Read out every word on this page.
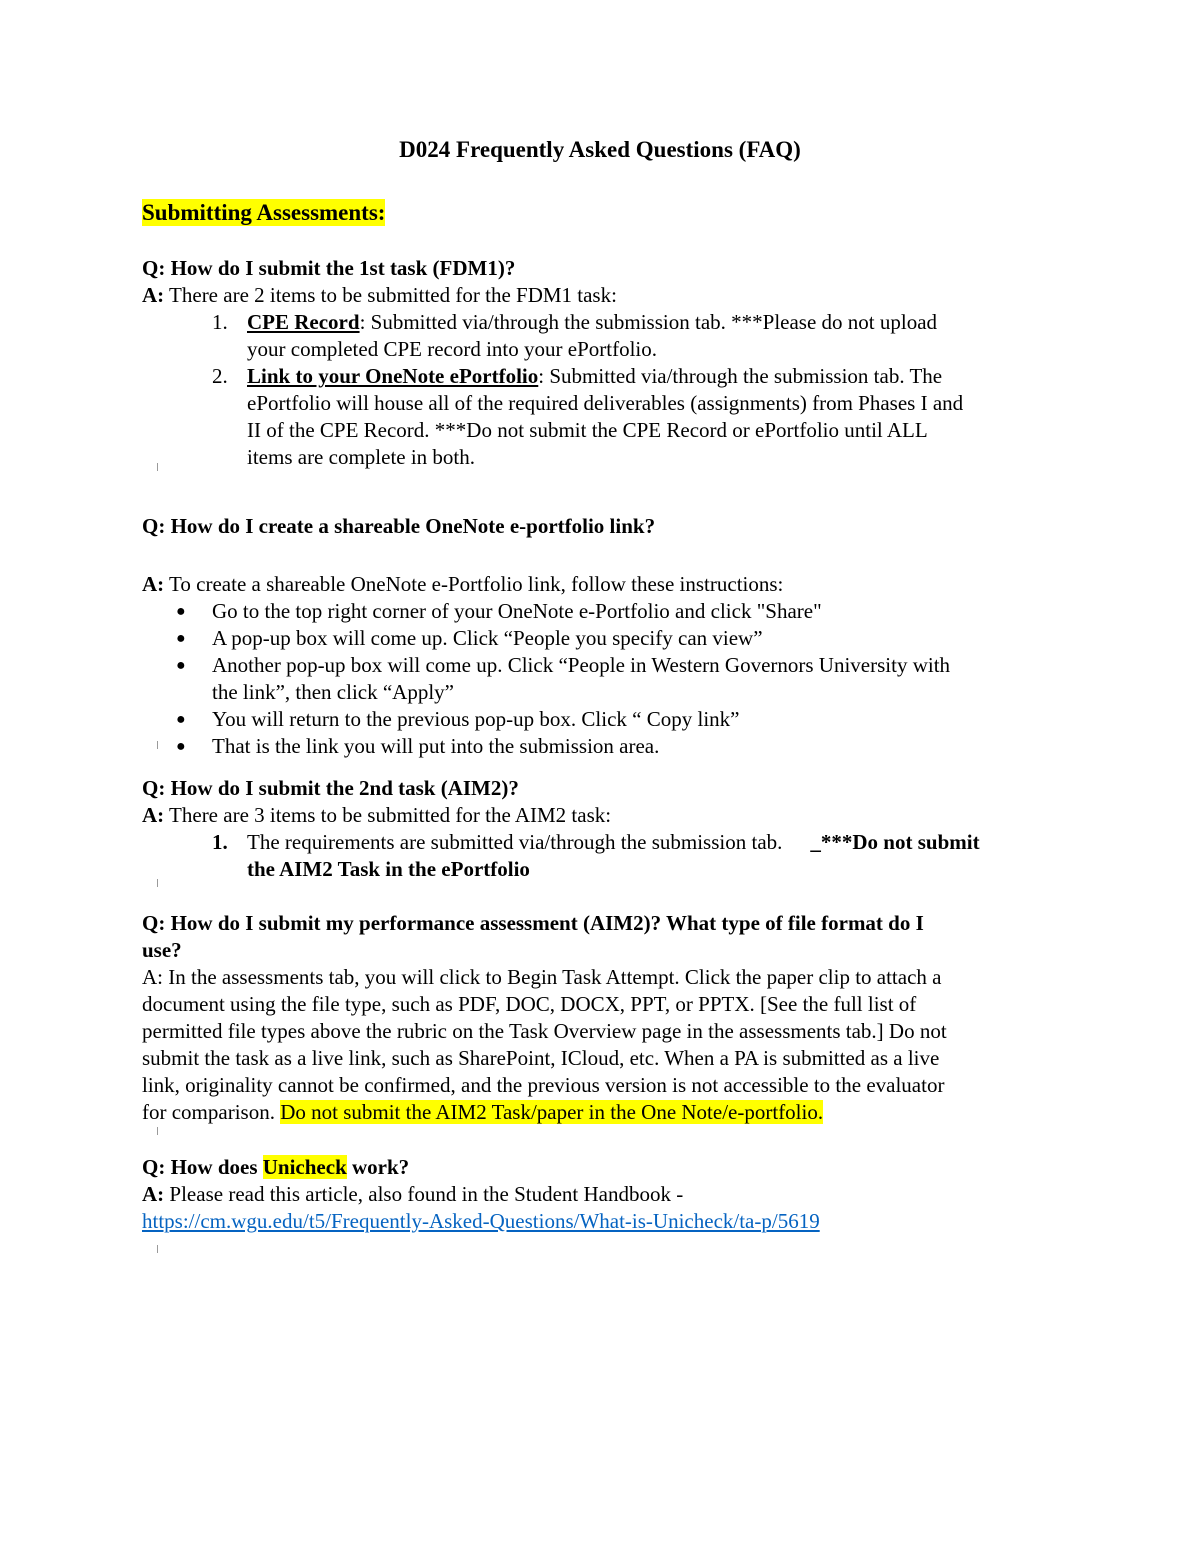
D024 Frequently Asked Questions (FAQ)
Submitting Assessments:
Q: How do I submit the 1st task (FDM1)?
A: There are 2 items to be submitted for the FDM1 task:
1. CPE Record: Submitted via/through the submission tab. ***Please do not upload
your completed CPE record into your ePortfolio.
2. Link to your OneNote ePortfolio: Submitted via/through the submission tab. The
ePortfolio will house all of the required deliverables (assignments) from Phases I and
II of the CPE Record. ***Do not submit the CPE Record or ePortfolio until ALL
items are complete in both.
Q: How do I create a shareable OneNote e-portfolio link?
A: To create a shareable OneNote e-Portfolio link, follow these instructions:
● Go to the top right corner of your OneNote e-Portfolio and click "Share"
● A pop-up box will come up. Click “People you specify can view”
● Another pop-up box will come up. Click “People in Western Governors University with
the link”, then click “Apply”
● You will return to the previous pop-up box. Click “ Copy link”
● That is the link you will put into the submission area.
Q: How do I submit the 2nd task (AIM2)?
A: There are 3 items to be submitted for the AIM2 task:
1. The requirements are submitted via/through the submission tab. _***Do not submit
the AIM2 Task in the ePortfolio
Q: How do I submit my performance assessment (AIM2)? What type of file format do I
use?
A: In the assessments tab, you will click to Begin Task Attempt. Click the paper clip to attach a
document using the file type, such as PDF, DOC, DOCX, PPT, or PPTX. [See the full list of
permitted file types above the rubric on the Task Overview page in the assessments tab.] Do not
submit the task as a live link, such as SharePoint, ICloud, etc. When a PA is submitted as a live
link, originality cannot be confirmed, and the previous version is not accessible to the evaluator
for comparison. Do not submit the AIM2 Task/paper in the One Note/e-portfolio.
Q: How does Unicheck work?
A: Please read this article, also found in the Student Handbook -
https://cm.wgu.edu/t5/Frequently-Asked-Questions/What-is-Unicheck/ta-p/5619
